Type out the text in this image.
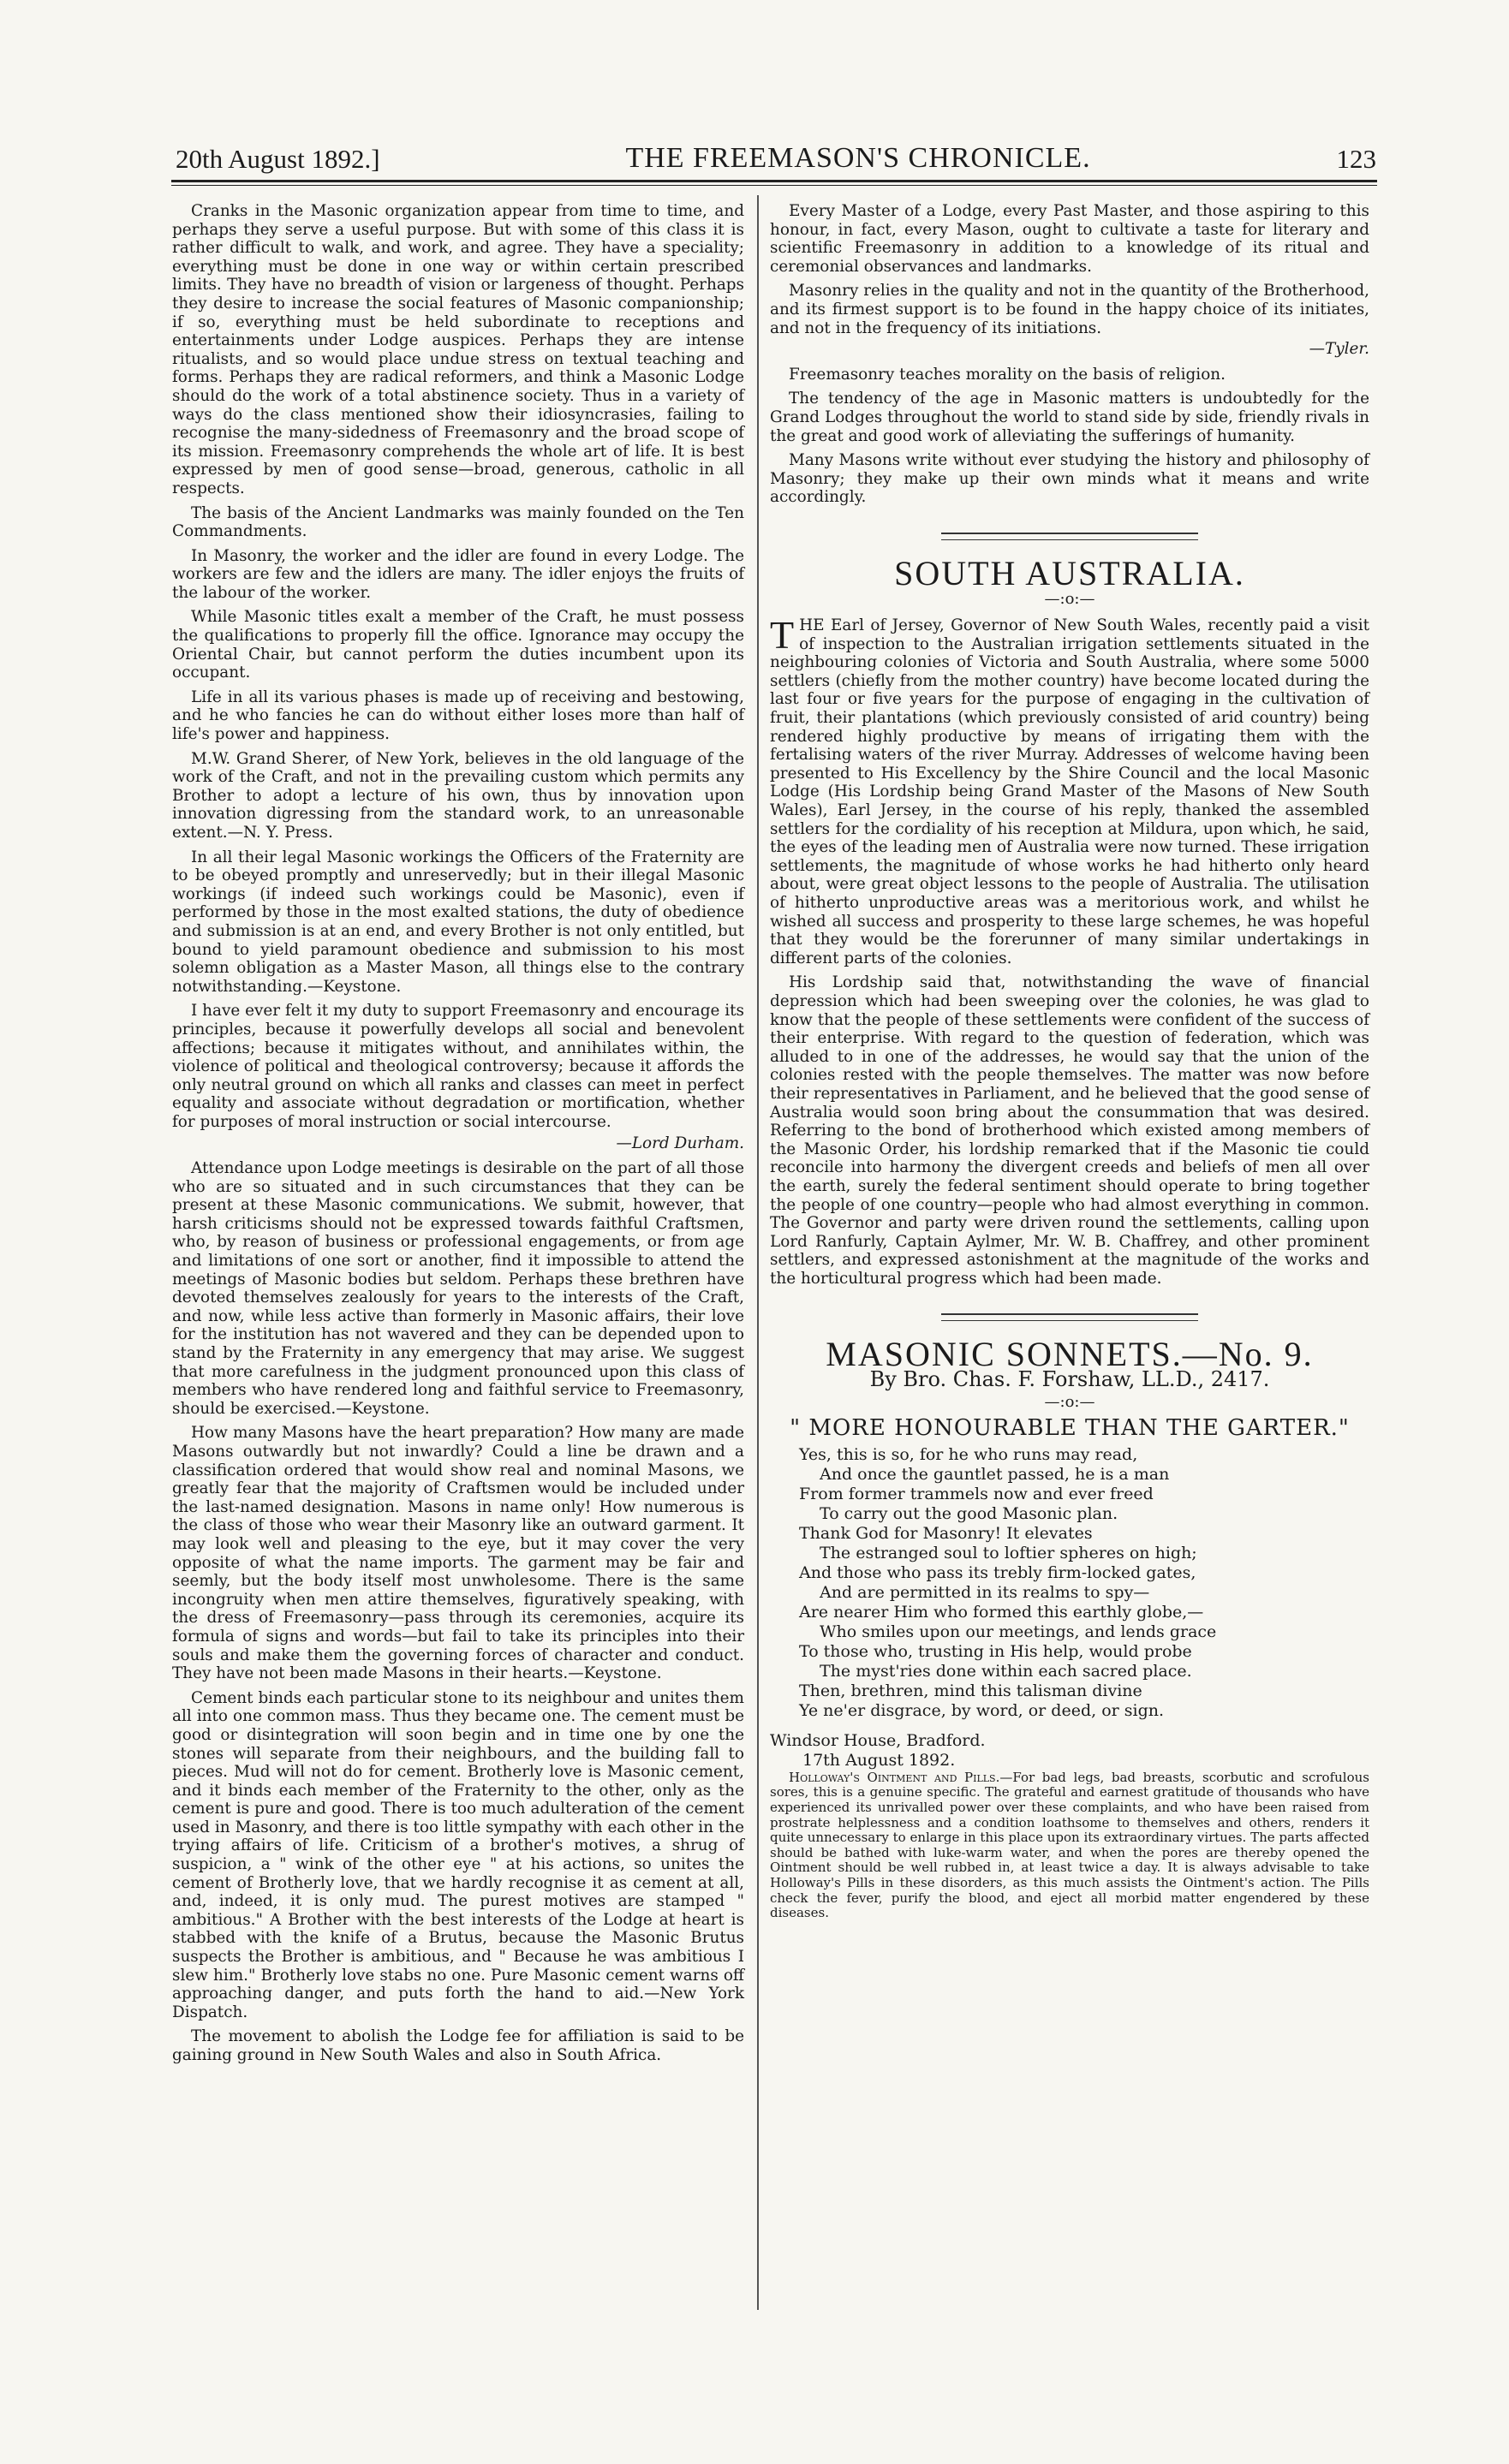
20th August 1892.]	THE FREEMASON'S CHRONICLE.	123

Cranks in the Masonic organization appear from time to time, and perhaps they serve a useful purpose. But with some of this class it is rather difficult to walk, and work, and agree. They have a speciality; everything must be done in one way or within certain prescribed limits. They have no breadth of vision or largeness of thought. Perhaps they desire to increase the social features of Masonic companionship; if so, everything must be held subordinate to receptions and entertainments under Lodge auspices. Perhaps they are intense ritualists, and so would place undue stress on textual teaching and forms. Perhaps they are radical reformers, and think a Masonic Lodge should do the work of a total abstinence society. Thus in a variety of ways do the class mentioned show their idiosyncrasies, failing to recognise the many-sidedness of Freemasonry and the broad scope of its mission. Freemasonry comprehends the whole art of life. It is best expressed by men of good sense—broad, generous, catholic in all respects.

The basis of the Ancient Landmarks was mainly founded on the Ten Commandments.

In Masonry, the worker and the idler are found in every Lodge. The workers are few and the idlers are many. The idler enjoys the fruits of the labour of the worker.

While Masonic titles exalt a member of the Craft, he must possess the qualifications to properly fill the office. Ignorance may occupy the Oriental Chair, but cannot perform the duties incumbent upon its occupant.

Life in all its various phases is made up of receiving and bestowing, and he who fancies he can do without either loses more than half of life's power and happiness.

M.W. Grand Sherer, of New York, believes in the old language of the work of the Craft, and not in the prevailing custom which permits any Brother to adopt a lecture of his own, thus by innovation upon innovation digressing from the standard work, to an unreasonable extent.—N. Y. Press.

In all their legal Masonic workings the Officers of the Fraternity are to be obeyed promptly and unreservedly; but in their illegal Masonic workings (if indeed such workings could be Masonic), even if performed by those in the most exalted stations, the duty of obedience and submission is at an end, and every Brother is not only entitled, but bound to yield paramount obedience and submission to his most solemn obligation as a Master Mason, all things else to the contrary notwithstanding.—Keystone.

I have ever felt it my duty to support Freemasonry and encourage its principles, because it powerfully develops all social and benevolent affections; because it mitigates without, and annihilates within, the violence of political and theological controversy; because it affords the only neutral ground on which all ranks and classes can meet in perfect equality and associate without degradation or mortification, whether for purposes of moral instruction or social intercourse.

—Lord Durham.

Attendance upon Lodge meetings is desirable on the part of all those who are so situated and in such circumstances that they can be present at these Masonic communications. We submit, however, that harsh criticisms should not be expressed towards faithful Craftsmen, who, by reason of business or professional engagements, or from age and limitations of one sort or another, find it impossible to attend the meetings of Masonic bodies but seldom. Perhaps these brethren have devoted themselves zealously for years to the interests of the Craft, and now, while less active than formerly in Masonic affairs, their love for the institution has not wavered and they can be depended upon to stand by the Fraternity in any emergency that may arise. We suggest that more carefulness in the judgment pronounced upon this class of members who have rendered long and faithful service to Freemasonry, should be exercised.—Keystone.

How many Masons have the heart preparation? How many are made Masons outwardly but not inwardly? Could a line be drawn and a classification ordered that would show real and nominal Masons, we greatly fear that the majority of Craftsmen would be included under the last-named designation. Masons in name only! How numerous is the class of those who wear their Masonry like an outward garment. It may look well and pleasing to the eye, but it may cover the very opposite of what the name imports. The garment may be fair and seemly, but the body itself most unwholesome. There is the same incongruity when men attire themselves, figuratively speaking, with the dress of Freemasonry—pass through its ceremonies, acquire its formula of signs and words—but fail to take its principles into their souls and make them the governing forces of character and conduct. They have not been made Masons in their hearts.—Keystone.

Cement binds each particular stone to its neighbour and unites them all into one common mass. Thus they became one. The cement must be good or disintegration will soon begin and in time one by one the stones will separate from their neighbours, and the building fall to pieces. Mud will not do for cement. Brotherly love is Masonic cement, and it binds each member of the Fraternity to the other, only as the cement is pure and good. There is too much adulteration of the cement used in Masonry, and there is too little sympathy with each other in the trying affairs of life. Criticism of a brother's motives, a shrug of suspicion, a " wink of the other eye " at his actions, so unites the cement of Brotherly love, that we hardly recognise it as cement at all, and, indeed, it is only mud. The purest motives are stamped " ambitious." A Brother with the best interests of the Lodge at heart is stabbed with the knife of a Brutus, because the Masonic Brutus suspects the Brother is ambitious, and " Because he was ambitious I slew him." Brotherly love stabs no one. Pure Masonic cement warns off approaching danger, and puts forth the hand to aid.—New York Dispatch.

The movement to abolish the Lodge fee for affiliation is said to be gaining ground in New South Wales and also in South Africa.

Every Master of a Lodge, every Past Master, and those aspiring to this honour, in fact, every Mason, ought to cultivate a taste for literary and scientific Freemasonry in addition to a knowledge of its ritual and ceremonial observances and landmarks.

Masonry relies in the quality and not in the quantity of the Brotherhood, and its firmest support is to be found in the happy choice of its initiates, and not in the frequency of its initiations.

—Tyler.

Freemasonry teaches morality on the basis of religion.

The tendency of the age in Masonic matters is undoubtedly for the Grand Lodges throughout the world to stand side by side, friendly rivals in the great and good work of alleviating the sufferings of humanity.

Many Masons write without ever studying the history and philosophy of Masonry; they make up their own minds what it means and write accordingly.

SOUTH AUSTRALIA.
—:o:—

THE Earl of Jersey, Governor of New South Wales, recently paid a visit of inspection to the Australian irrigation settlements situated in the neighbouring colonies of Victoria and South Australia, where some 5000 settlers (chiefly from the mother country) have become located during the last four or five years for the purpose of engaging in the cultivation of fruit, their plantations (which previously consisted of arid country) being rendered highly productive by means of irrigating them with the fertalising waters of the river Murray. Addresses of welcome having been presented to His Excellency by the Shire Council and the local Masonic Lodge (His Lordship being Grand Master of the Masons of New South Wales), Earl Jersey, in the course of his reply, thanked the assembled settlers for the cordiality of his reception at Mildura, upon which, he said, the eyes of the leading men of Australia were now turned. These irrigation settlements, the magnitude of whose works he had hitherto only heard about, were great object lessons to the people of Australia. The utilisation of hitherto unproductive areas was a meritorious work, and whilst he wished all success and prosperity to these large schemes, he was hopeful that they would be the forerunner of many similar undertakings in different parts of the colonies.

His Lordship said that, notwithstanding the wave of financial depression which had been sweeping over the colonies, he was glad to know that the people of these settlements were confident of the success of their enterprise. With regard to the question of federation, which was alluded to in one of the addresses, he would say that the union of the colonies rested with the people themselves. The matter was now before their representatives in Parliament, and he believed that the good sense of Australia would soon bring about the consummation that was desired. Referring to the bond of brotherhood which existed among members of the Masonic Order, his lordship remarked that if the Masonic tie could reconcile into harmony the divergent creeds and beliefs of men all over the earth, surely the federal sentiment should operate to bring together the people of one country—people who had almost everything in common. The Governor and party were driven round the settlements, calling upon Lord Ranfurly, Captain Aylmer, Mr. W. B. Chaffrey, and other prominent settlers, and expressed astonishment at the magnitude of the works and the horticultural progress which had been made.

MASONIC SONNETS.—No. 9.
By Bro. Chas. F. Forshaw, LL.D., 2417.
—:o:—
" MORE HONOURABLE THAN THE GARTER."
Yes, this is so, for he who runs may read,
And once the gauntlet passed, he is a man
From former trammels now and ever freed
To carry out the good Masonic plan.
Thank God for Masonry! It elevates
The estranged soul to loftier spheres on high;
And those who pass its trebly firm-locked gates,
And are permitted in its realms to spy—
Are nearer Him who formed this earthly globe,—
Who smiles upon our meetings, and lends grace
To those who, trusting in His help, would probe
The myst'ries done within each sacred place.
Then, brethren, mind this talisman divine
Ye ne'er disgrace, by word, or deed, or sign.
Windsor House, Bradford.
17th August 1892.

Holloway's Ointment and Pills.—For bad legs, bad breasts, scorbutic and scrofulous sores, this is a genuine specific. The grateful and earnest gratitude of thousands who have experienced its unrivalled power over these complaints, and who have been raised from prostrate helplessness and a condition loathsome to themselves and others, renders it quite unnecessary to enlarge in this place upon its extraordinary virtues. The parts affected should be bathed with luke-warm water, and when the pores are thereby opened the Ointment should be well rubbed in, at least twice a day. It is always advisable to take Holloway's Pills in these disorders, as this much assists the Ointment's action. The Pills check the fever, purify the blood, and eject all morbid matter engendered by these diseases.
